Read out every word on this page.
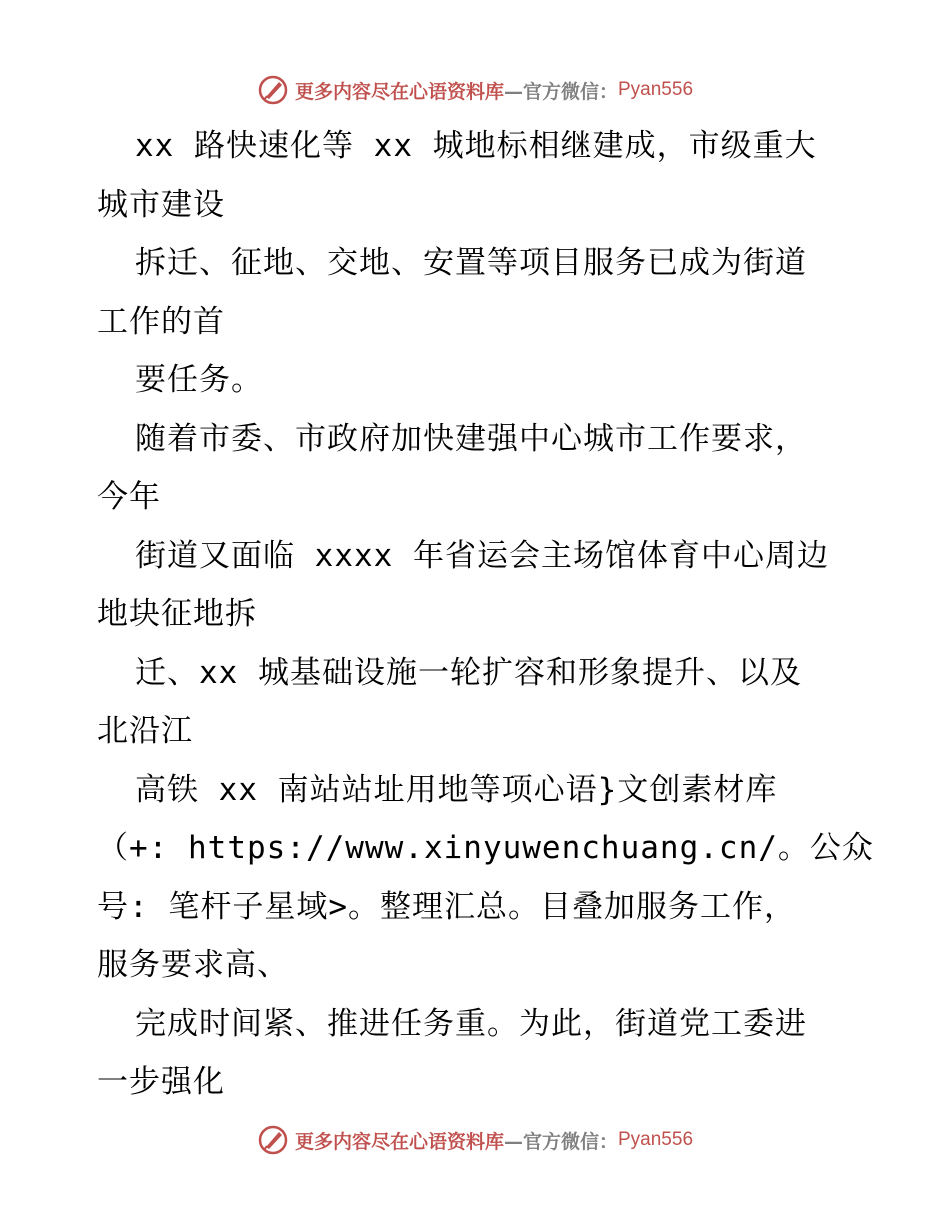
更多内容尽在心语资料库 —官方微信： Pyan556
xx 路快速化等 xx 城地标相继建成，市级重大
城市建设
拆迁、征地、交地、安置等项目服务已成为街道
工作的首
要任务。
随着市委、市政府加快建强中心城市工作要求，
今年
街道又面临 xxxx 年省运会主场馆体育中心周边
地块征地拆
迁、xx 城基础设施一轮扩容和形象提升、以及
北沿江
高铁 xx 南站站址用地等项心语}文创素材库
（+: https://www.xinyuwenchuang.cn/。公众
号: 笔杆子星域>。整理汇总。目叠加服务工作，
服务要求高、
完成时间紧、推进任务重。为此，街道党工委进
一步强化
更多内容尽在心语资料库 —官方微信： Pyan556
